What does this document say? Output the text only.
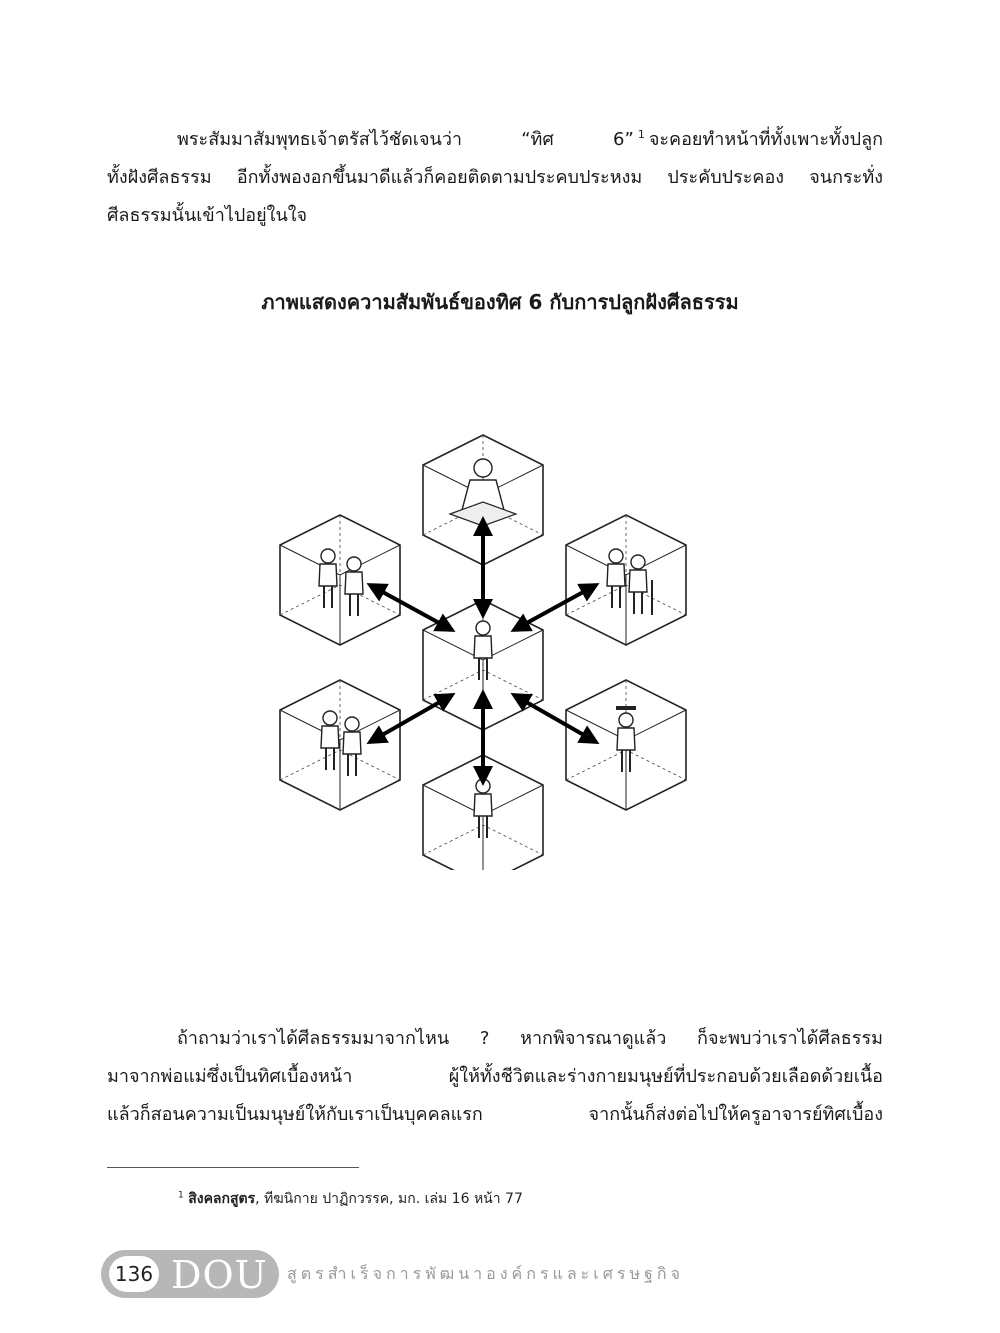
พระสัมมาสัมพุทธเจ้าตรัสไว้ชัดเจนว่า “ทิศ 6” $^1$ จะคอยทำหน้าที่ทั้งเพาะทั้งปลูก
ทั้งฝังศีลธรรม อีกทั้งพองอกขึ้นมาดีแล้วก็คอยติดตามประคบประหงม ประคับประคอง จนกระทั่ง
ศีลธรรมนั้นเข้าไปอยู่ในใจ
ภาพแสดงความสัมพันธ์ของทิศ 6 กับการปลูกฝังศีลธรรม
ถ้าถามว่าเราได้ศีลธรรมมาจากไหน ? หากพิจารณาดูแล้ว ก็จะพบว่าเราได้ศีลธรรม
มาจากพ่อแม่ซึ่งเป็นทิศเบื้องหน้า ผู้ให้ทั้งชีวิตและร่างกายมนุษย์ที่ประกอบด้วยเลือดด้วยเนื้อ
แล้วก็สอนความเป็นมนุษย์ให้กับเราเป็นบุคคลแรก จากนั้นก็ส่งต่อไปให้ครูอาจารย์ทิศเบื้อง

$^1$ สิงคลกสูตร, ทีฆนิกาย ปาฏิกวรรค, มก. เล่ม 16 หน้า 77

136 DOU สูตรสำเร็จการพัฒนาองค์กรและเศรษฐกิจ
